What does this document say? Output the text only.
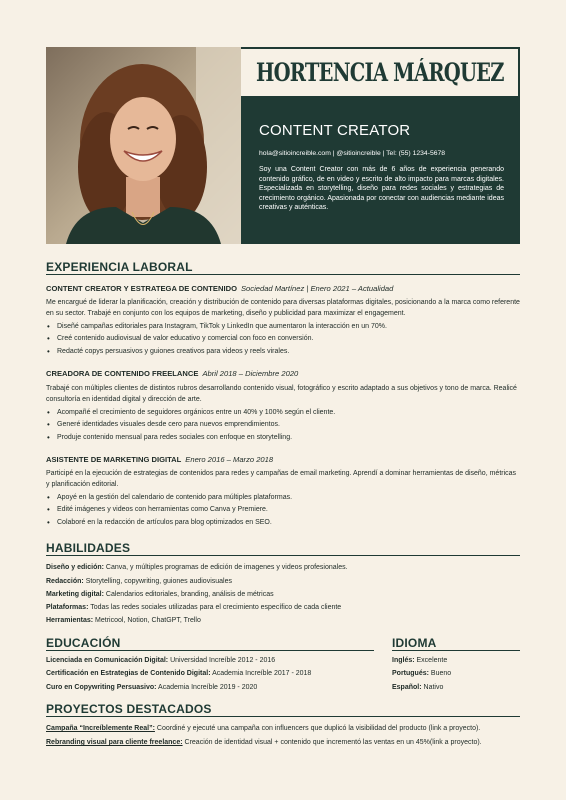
HORTENCIA MÁRQUEZ
CONTENT CREATOR
hola@sitioincreible.com | @sitioincreible | Tel: (55) 1234-5678
Soy una Content Creator con más de 6 años de experiencia generando contenido gráfico, de en video y escrito de alto impacto para marcas digitales. Especializada en storytelling, diseño para redes sociales y estrategias de crecimiento orgánico. Apasionada por conectar con audiencias mediante ideas creativas y auténticas.
EXPERIENCIA LABORAL
CONTENT CREATOR Y ESTRATEGA DE CONTENIDO Sociedad Martínez | Enero 2021 – Actualidad
Me encargué de liderar la planificación, creación y distribución de contenido para diversas plataformas digitales, posicionando a la marca como referente en su sector. Trabajé en conjunto con los equipos de marketing, diseño y publicidad para maximizar el engagement.
• Diseñé campañas editoriales para Instagram, TikTok y LinkedIn que aumentaron la interacción en un 70%.
• Creé contenido audiovisual de valor educativo y comercial con foco en conversión.
• Redacté copys persuasivos y guiones creativos para videos y reels virales.
CREADORA DE CONTENIDO FREELANCE Abril 2018 – Diciembre 2020
Trabajé con múltiples clientes de distintos rubros desarrollando contenido visual, fotográfico y escrito adaptado a sus objetivos y tono de marca. Realicé consultoría en identidad digital y dirección de arte.
• Acompañé el crecimiento de seguidores orgánicos entre un 40% y 100% según el cliente.
• Generé identidades visuales desde cero para nuevos emprendimientos.
• Produje contenido mensual para redes sociales con enfoque en storytelling.
ASISTENTE DE MARKETING DIGITAL Enero 2016 – Marzo 2018
Participé en la ejecución de estrategias de contenidos para redes y campañas de email marketing. Aprendí a dominar herramientas de diseño, métricas y planificación editorial.
• Apoyé en la gestión del calendario de contenido para múltiples plataformas.
• Edité imágenes y videos con herramientas como Canva y Premiere.
• Colaboré en la redacción de artículos para blog optimizados en SEO.
HABILIDADES
Diseño y edición: Canva, y múltiples programas de edición de imagenes y videos profesionales.
Redacción: Storytelling, copywriting, guiones audiovisuales
Marketing digital: Calendarios editoriales, branding, análisis de métricas
Plataformas: Todas las redes sociales utilizadas para el crecimiento específico de cada cliente
Herramientas: Metricool, Notion, ChatGPT, Trello
EDUCACIÓN
Licenciada en Comunicación Digital: Universidad Increíble 2012 - 2016
Certificación en Estrategias de Contenido Digital: Academia Increíble 2017 - 2018
Curo en Copywriting Persuasivo: Academia Increíble 2019 - 2020
IDIOMA
Inglés: Excelente
Portugués: Bueno
Español: Nativo
PROYECTOS DESTACADOS
Campaña “Increíblemente Real”: Coordiné y ejecuté una campaña con influencers que duplicó la visibilidad del producto (link a proyecto).
Rebranding visual para cliente freelance: Creación de identidad visual + contenido que incrementó las ventas en un 45%(link a proyecto).
